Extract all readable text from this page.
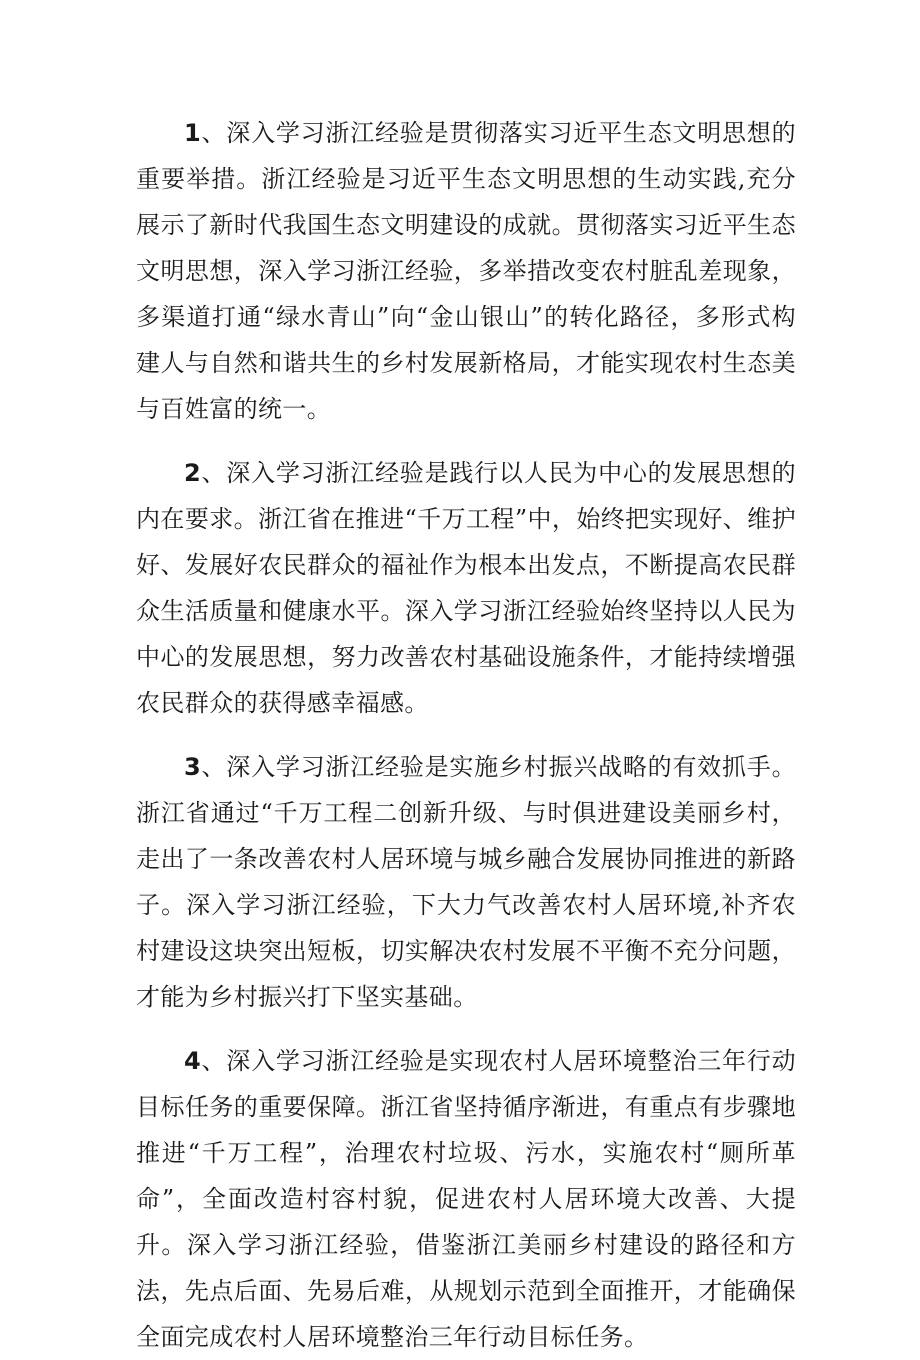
1、深入学习浙江经验是贯彻落实习近平生态文明思想的重要举措。浙江经验是习近平生态文明思想的生动实践,充分展示了新时代我国生态文明建设的成就。贯彻落实习近平生态文明思想，深入学习浙江经验，多举措改变农村脏乱差现象，多渠道打通“绿水青山”向“金山银山”的转化路径，多形式构建人与自然和谐共生的乡村发展新格局，才能实现农村生态美与百姓富的统一。

2、深入学习浙江经验是践行以人民为中心的发展思想的内在要求。浙江省在推进“千万工程”中，始终把实现好、维护好、发展好农民群众的福祉作为根本出发点，不断提高农民群众生活质量和健康水平。深入学习浙江经验始终坚持以人民为中心的发展思想，努力改善农村基础设施条件，才能持续增强农民群众的获得感幸福感。

3、深入学习浙江经验是实施乡村振兴战略的有效抓手。浙江省通过“千万工程二创新升级、与时俱进建设美丽乡村，走出了一条改善农村人居环境与城乡融合发展协同推进的新路子。深入学习浙江经验，下大力气改善农村人居环境,补齐农村建设这块突出短板，切实解决农村发展不平衡不充分问题，才能为乡村振兴打下坚实基础。

4、深入学习浙江经验是实现农村人居环境整治三年行动目标任务的重要保障。浙江省坚持循序渐进，有重点有步骤地推进“千万工程”，治理农村垃圾、污水，实施农村“厕所革命”，全面改造村容村貌，促进农村人居环境大改善、大提升。深入学习浙江经验，借鉴浙江美丽乡村建设的路径和方法，先点后面、先易后难，从规划示范到全面推开，才能确保全面完成农村人居环境整治三年行动目标任务。
